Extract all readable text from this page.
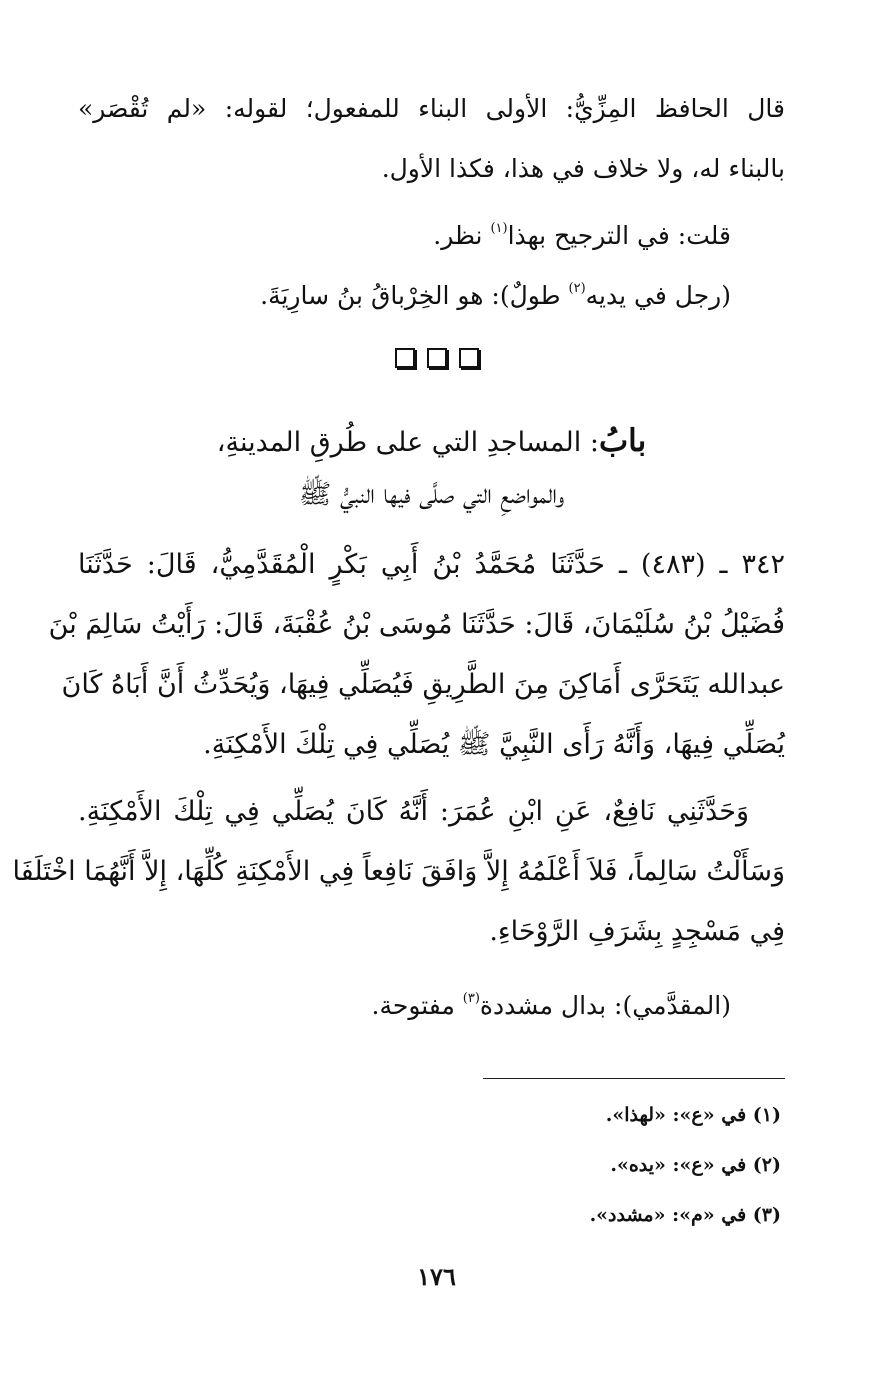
قال الحافظ المِزِّيُّ: الأولى البناء للمفعول؛ لقوله: «لم تُقْصَر»
بالبناء له، ولا خلاف في هذا، فكذا الأول.
قلت: في الترجيح بهذا$^{(١)}$ نظر.
(رجل في يديه$^{(٢)}$ طولٌ): هو الخِرْباقُ بنُ سارِيَةَ.
بابُ: المساجدِ التي على طُرقِ المدينةِ،
والمواضعِ التي صلَّى فيها النبيُّ ﷺ
٣٤٢ ـ (٤٨٣) ـ حَدَّثَنَا مُحَمَّدُ بْنُ أَبِي بَكْرٍ الْمُقَدَّمِيُّ، قَالَ: حَدَّثَنَا
فُضَيْلُ بْنُ سُلَيْمَانَ، قَالَ: حَدَّثَنَا مُوسَى بْنُ عُقْبَةَ، قَالَ: رَأَيْتُ سَالِمَ بْنَ
عبدالله يَتَحَرَّى أَمَاكِنَ مِنَ الطَّرِيقِ فَيُصَلِّي فِيهَا، وَيُحَدِّثُ أَنَّ أَبَاهُ كَانَ
يُصَلِّي فِيهَا، وَأَنَّهُ رَأَى النَّبِيَّ ﷺ يُصَلِّي فِي تِلْكَ الأَمْكِنَةِ.
وَحَدَّثَنِي نَافِعٌ، عَنِ ابْنِ عُمَرَ: أَنَّهُ كَانَ يُصَلِّي فِي تِلْكَ الأَمْكِنَةِ.
وَسَأَلْتُ سَالِماً، فَلاَ أَعْلَمُهُ إِلاَّ وَافَقَ نَافِعاً فِي الأَمْكِنَةِ كُلِّهَا، إِلاَّ أَنَّهُمَا اخْتَلَفَا
فِي مَسْجِدٍ بِشَرَفِ الرَّوْحَاءِ.
(المقدَّمي): بدال مشددة$^{(٣)}$ مفتوحة.
(١) في «ع»: «لهذا».
(٢) في «ع»: «يده».
(٣) في «م»: «مشدد».
١٧٦
